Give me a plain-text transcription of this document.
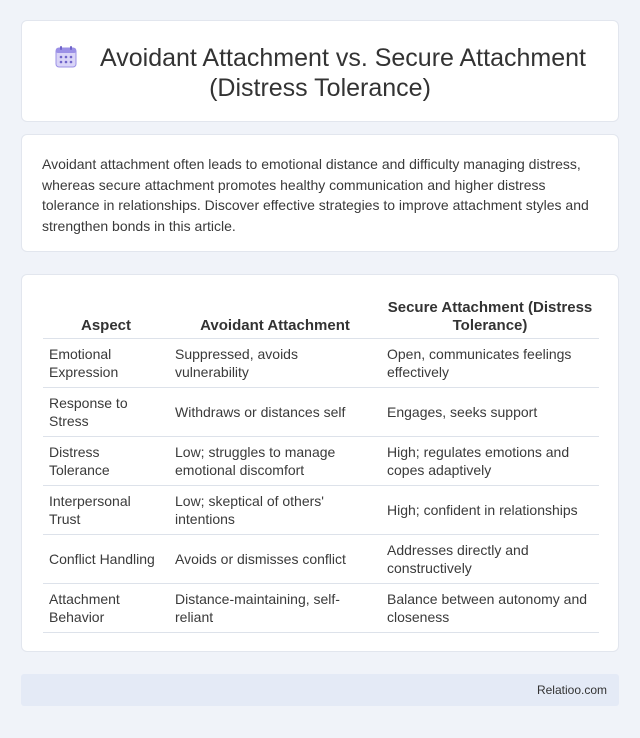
Avoidant Attachment vs. Secure Attachment
(Distress Tolerance)

Avoidant attachment often leads to emotional distance and difficulty managing distress, whereas secure attachment promotes healthy communication and higher distress tolerance in relationships. Discover effective strategies to improve attachment styles and strengthen bonds in this article.

Aspect	Avoidant Attachment	Secure Attachment (Distress Tolerance)
Emotional Expression	Suppressed, avoids vulnerability	Open, communicates feelings effectively
Response to Stress	Withdraws or distances self	Engages, seeks support
Distress Tolerance	Low; struggles to manage emotional discomfort	High; regulates emotions and copes adaptively
Interpersonal Trust	Low; skeptical of others' intentions	High; confident in relationships
Conflict Handling	Avoids or dismisses conflict	Addresses directly and constructively
Attachment Behavior	Distance-maintaining, self-reliant	Balance between autonomy and closeness
Relatioo.com
